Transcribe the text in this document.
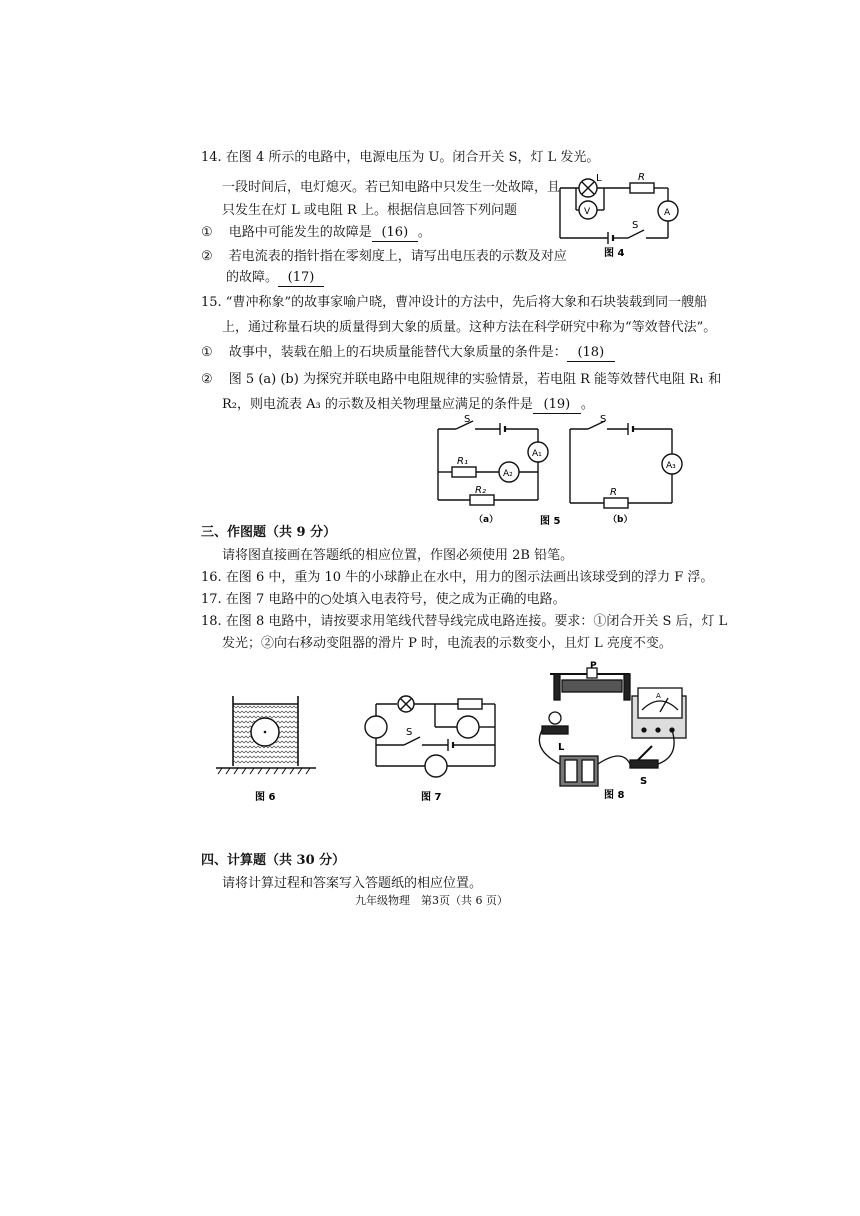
14. 在图 4 所示的电路中，电源电压为 U。闭合开关 S，灯 L 发光。
一段时间后，电灯熄灭。若已知电路中只发生一处故障，且
只发生在灯 L 或电阻 R 上。根据信息回答下列问题
① 电路中可能发生的故障是 (16) 。
② 若电流表的指针指在零刻度上，请写出电压表的示数及对应
的故障。 (17)
L	R
V	A
S
图 4
15. “曹冲称象”的故事家喻户晓，曹冲设计的方法中，先后将大象和石块装载到同一艘船
上，通过称量石块的质量得到大象的质量。这种方法在科学研究中称为“等效替代法”。
① 故事中，装载在船上的石块质量能替代大象质量的条件是： (18)
② 图 5 (a) (b) 为探究并联电路中电阻规律的实验情景，若电阻 R 能等效替代电阻 R₁ 和
R₂，则电流表 A₃ 的示数及相关物理量应满足的条件是 (19) 。
S
A₁
R₁
A₂
R₂
S
A₃
R
（a）	图 5	（b）
三、作图题（共 9 分）
请将图直接画在答题纸的相应位置，作图必须使用 2B 铅笔。
16. 在图 6 中，重为 10 牛的小球静止在水中，用力的图示法画出该球受到的浮力 F 浮。
17. 在图 7 电路中的○处填入电表符号，使之成为正确的电路。
18. 在图 8 电路中，请按要求用笔线代替导线完成电路连接。要求：①闭合开关 S 后，灯 L
发光；②向右移动变阻器的滑片 P 时，电流表的示数变小，且灯 L 亮度不变。
图 6
S
图 7
P
A
L
S
图 8
四、计算题（共 30 分）
请将计算过程和答案写入答题纸的相应位置。
九年级物理　第3页（共 6 页）
